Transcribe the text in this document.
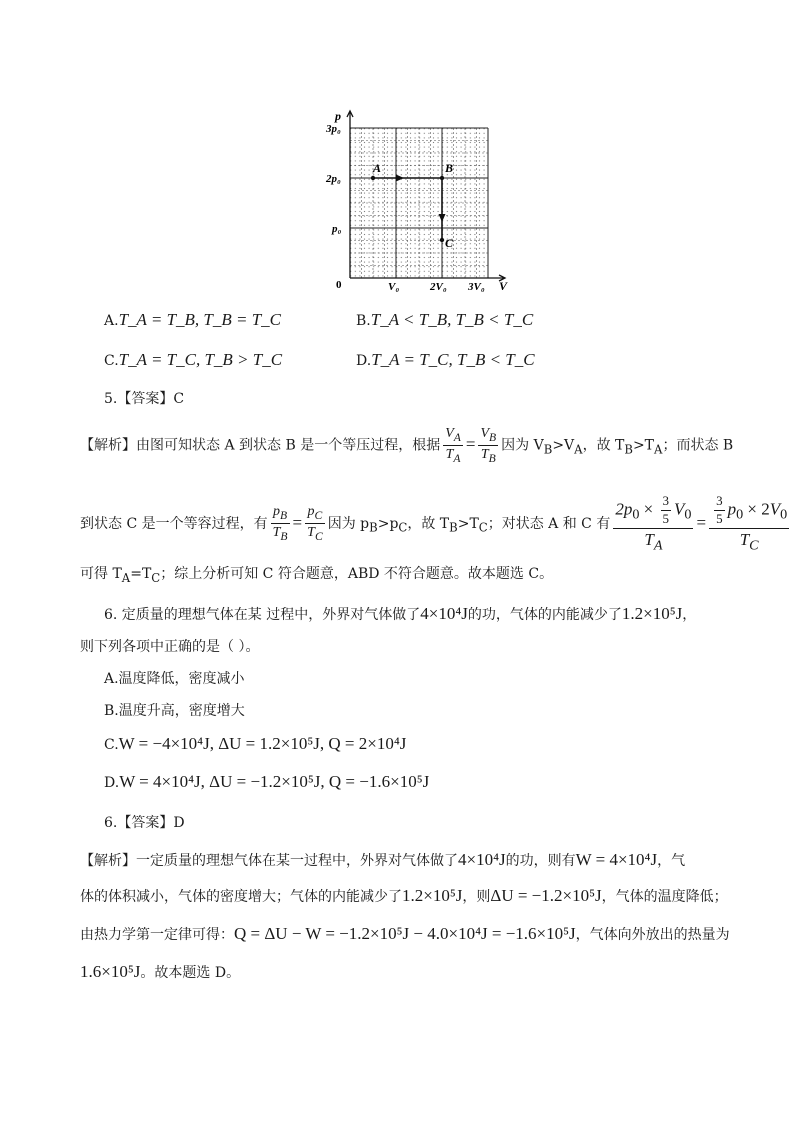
A	B
C
p
V
0
3p₀
2p₀
p₀
V₀	2V₀ 3V₀
A.T_A = T_B, T_B = T_C	B.T_A < T_B, T_B < T_C
C.T_A = T_C, T_B > T_C	D.T_A = T_C, T_B < T_C
5.【答案】C
【解析】由图可知状态 A 到状态 B 是一个等压过程，根据 $\frac{V_A}{T_A} = \frac{V_B}{T_B}$ 因为 $V_B>V_A$，故 $T_B>T_A$；而状态 B
到状态 C 是一个等容过程，有 $\frac{p_B}{T_B} = \frac{p_C}{T_C}$ 因为 $p_B>p_C$，故 $T_B>T_C$；对状态 A 和 C 有 $\frac{2p_0 \times \frac{3}{5} V_0}{T_A} = \frac{\frac{3}{5} p_0 \times 2V_0}{T_C}$
可得 $T_A=T_C$；综上分析可知 C 符合题意，ABD 不符合题意。故本题选 C。
6. 定质量的理想气体在某 过程中，外界对气体做了4×10⁴J的功，气体的内能减少了1.2×10⁵J，
则下列各项中正确的是（ ）。
A.温度降低，密度减小
B.温度升高，密度增大
C.W = −4×10⁴J, ΔU = 1.2×10⁵J, Q = 2×10⁴J
D.W = 4×10⁴J, ΔU = −1.2×10⁵J, Q = −1.6×10⁵J
6.【答案】D
【解析】一定质量的理想气体在某一过程中，外界对气体做了4×10⁴J的功，则有W = 4×10⁴J，气
体的体积减小，气体的密度增大；气体的内能减少了1.2×10⁵J，则ΔU = −1.2×10⁵J，气体的温度降低；
由热力学第一定律可得：Q = ΔU − W = −1.2×10⁵J − 4.0×10⁴J = −1.6×10⁵J，气体向外放出的热量为
1.6×10⁵J。故本题选 D。
